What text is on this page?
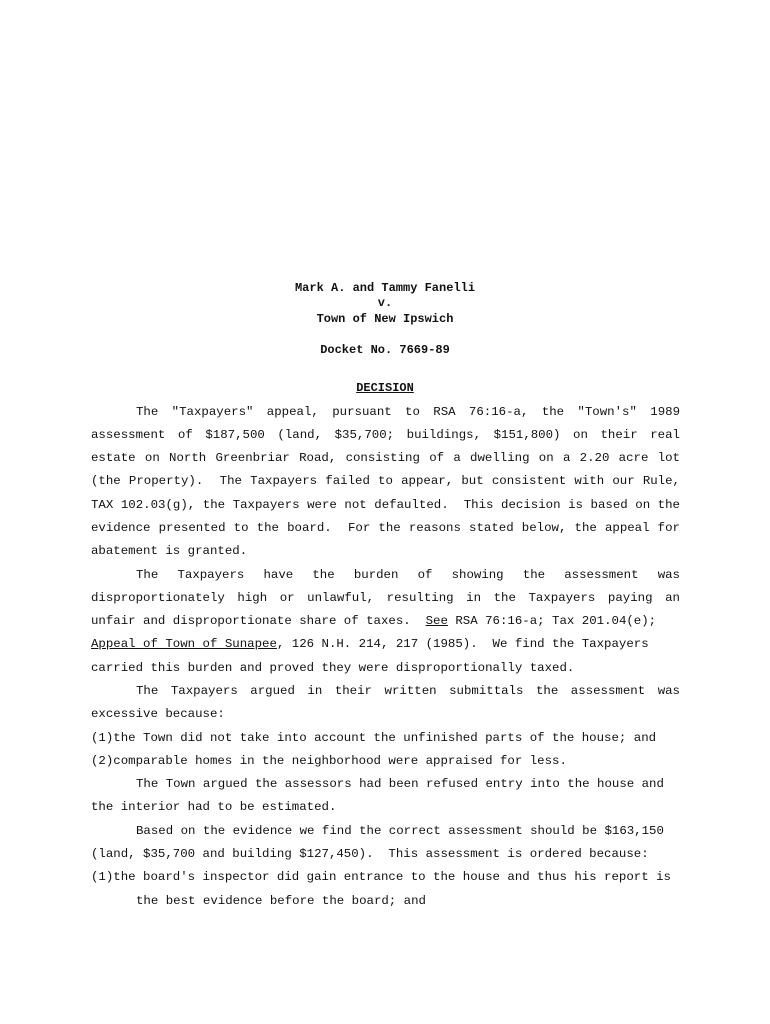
Mark A. and Tammy Fanelli
v.
Town of New Ipswich
Docket No. 7669-89
DECISION
The "Taxpayers" appeal, pursuant to RSA 76:16-a, the "Town's" 1989
assessment of $187,500 (land, $35,700; buildings, $151,800) on their real
estate on North Greenbriar Road, consisting of a dwelling on a 2.20 acre lot
(the Property).  The Taxpayers failed to appear, but consistent with our Rule,
TAX 102.03(g), the Taxpayers were not defaulted.  This decision is based on the
evidence presented to the board.  For the reasons stated below, the appeal for
abatement is granted.
The Taxpayers have the burden of showing the assessment was
disproportionately high or unlawful, resulting in the Taxpayers paying an
unfair and disproportionate share of taxes.  See RSA 76:16-a; Tax 201.04(e);
Appeal of Town of Sunapee, 126 N.H. 214, 217 (1985).  We find the Taxpayers
carried this burden and proved they were disproportionally taxed.
The Taxpayers argued in their written submittals the assessment was
excessive because:
(1)the Town did not take into account the unfinished parts of the house; and
(2)comparable homes in the neighborhood were appraised for less.
The Town argued the assessors had been refused entry into the house and
the interior had to be estimated.
Based on the evidence we find the correct assessment should be $163,150
(land, $35,700 and building $127,450).  This assessment is ordered because:
(1)the board's inspector did gain entrance to the house and thus his report is
the best evidence before the board; and
